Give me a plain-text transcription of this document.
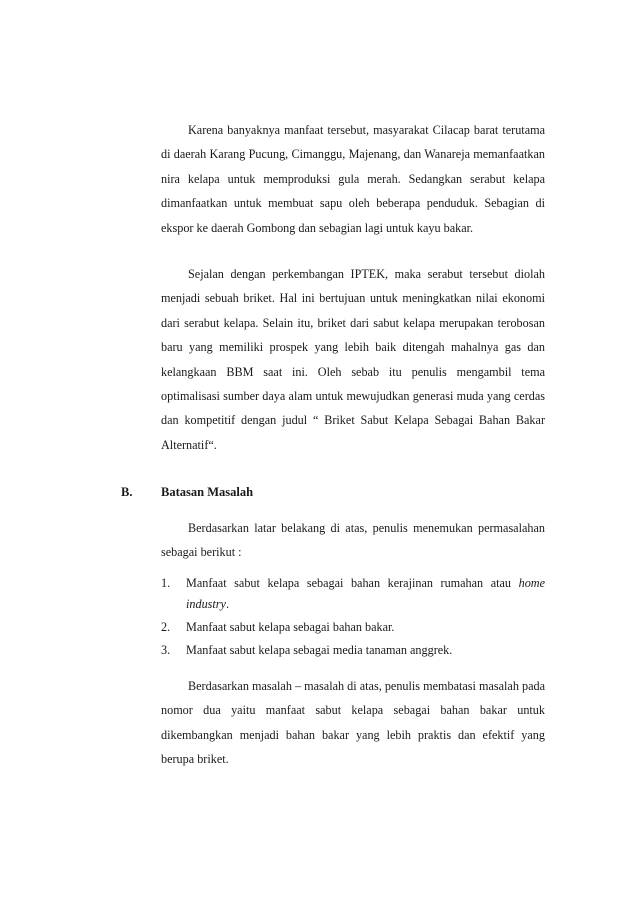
Karena banyaknya manfaat tersebut, masyarakat Cilacap barat terutama di daerah Karang Pucung, Cimanggu, Majenang, dan Wanareja memanfaatkan nira kelapa untuk memproduksi gula merah. Sedangkan serabut kelapa dimanfaatkan untuk membuat sapu oleh beberapa penduduk. Sebagian di ekspor ke daerah Gombong dan sebagian lagi untuk kayu bakar.

Sejalan dengan perkembangan IPTEK, maka serabut tersebut diolah menjadi sebuah briket. Hal ini bertujuan untuk meningkatkan nilai ekonomi dari serabut kelapa. Selain itu, briket dari sabut kelapa merupakan terobosan baru yang memiliki prospek yang lebih baik ditengah mahalnya gas dan kelangkaan BBM saat ini. Oleh sebab itu penulis mengambil tema optimalisasi sumber daya alam untuk mewujudkan generasi muda yang cerdas dan kompetitif dengan judul “ Briket Sabut Kelapa Sebagai Bahan Bakar Alternatif“.

B. Batasan Masalah

Berdasarkan latar belakang di atas, penulis menemukan permasalahan sebagai berikut :

1. Manfaat sabut kelapa sebagai bahan kerajinan rumahan atau home industry.
2. Manfaat sabut kelapa sebagai bahan bakar.
3. Manfaat sabut kelapa sebagai media tanaman anggrek.

Berdasarkan masalah – masalah di atas, penulis membatasi masalah pada nomor dua yaitu manfaat sabut kelapa sebagai bahan bakar untuk dikembangkan menjadi bahan bakar yang lebih praktis dan efektif yang berupa briket.
